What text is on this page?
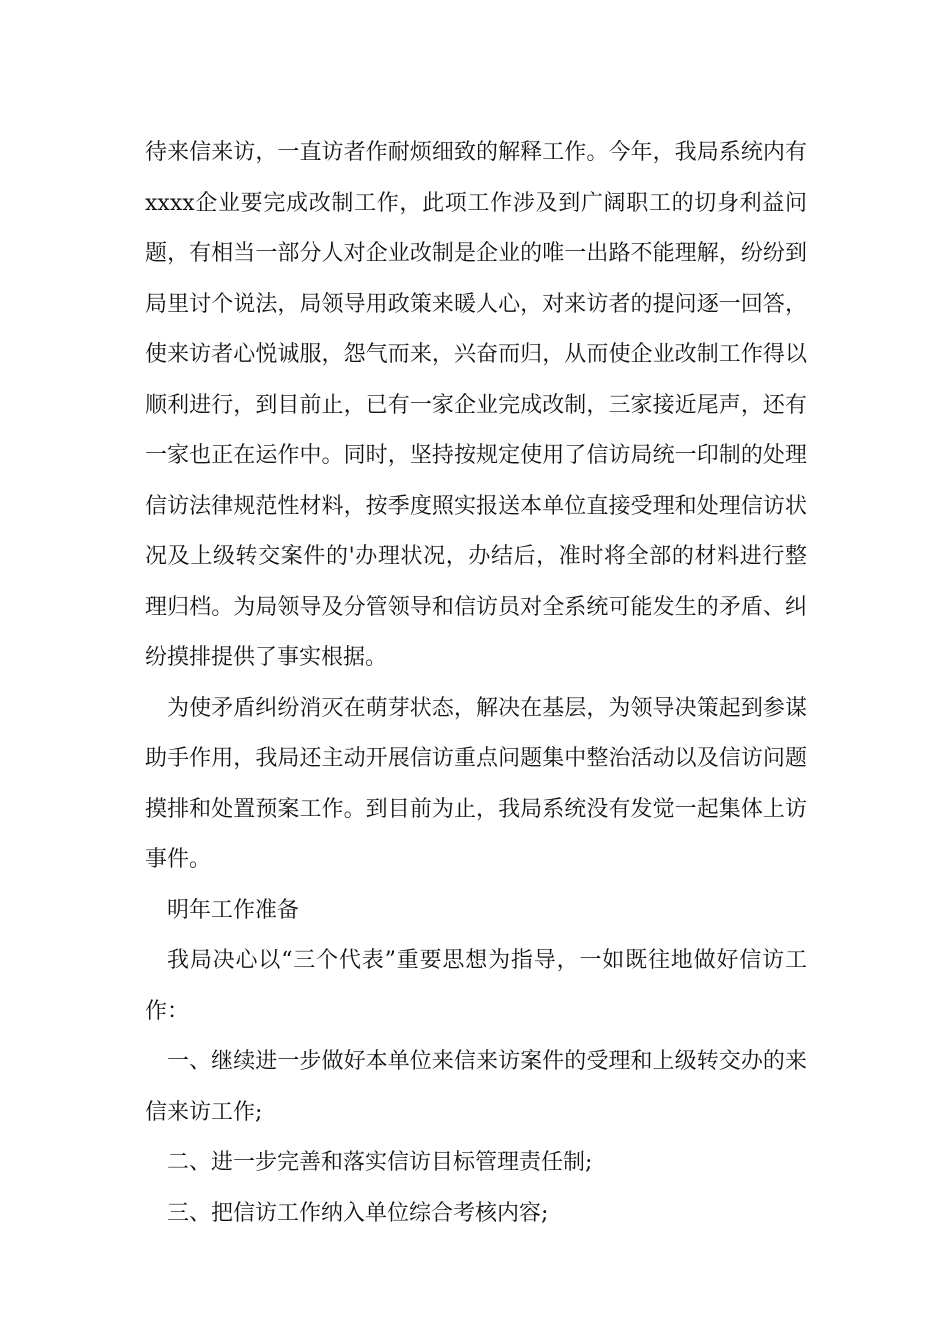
待来信来访，一直访者作耐烦细致的解释工作。今年，我局系统内有xxxx企业要完成改制工作，此项工作涉及到广阔职工的切身利益问题，有相当一部分人对企业改制是企业的唯一出路不能理解，纷纷到局里讨个说法，局领导用政策来暖人心，对来访者的提问逐一回答，使来访者心悦诚服，怨气而来，兴奋而归，从而使企业改制工作得以顺利进行，到目前止，已有一家企业完成改制，三家接近尾声，还有一家也正在运作中。同时，坚持按规定使用了信访局统一印制的处理信访法律规范性材料，按季度照实报送本单位直接受理和处理信访状况及上级转交案件的'办理状况，办结后，准时将全部的材料进行整理归档。为局领导及分管领导和信访员对全系统可能发生的矛盾、纠纷摸排提供了事实根据。

为使矛盾纠纷消灭在萌芽状态，解决在基层，为领导决策起到参谋助手作用，我局还主动开展信访重点问题集中整治活动以及信访问题摸排和处置预案工作。到目前为止，我局系统没有发觉一起集体上访事件。

明年工作准备

我局决心以“三个代表”重要思想为指导，一如既往地做好信访工作：

一、继续进一步做好本单位来信来访案件的受理和上级转交办的来信来访工作;

二、进一步完善和落实信访目标管理责任制;

三、把信访工作纳入单位综合考核内容;
